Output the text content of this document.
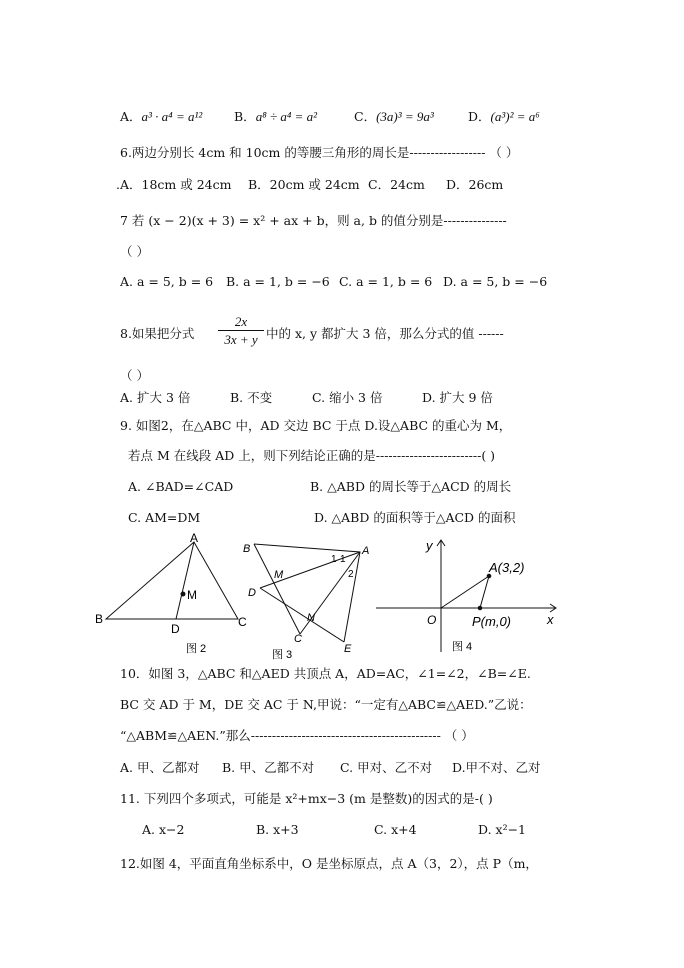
A．a³ · a⁴ = a¹²	B．a⁸ ÷ a⁴ = a²	C．(3a)³ = 9a³	D．(a³)² = a⁶
6.两边分别长 4cm 和 10cm 的等腰三角形的周长是------------------ （ ）
.A．18cm 或 24cm B．20cm 或 24cm C．24cm D．26cm
7 若 (x − 2)(x + 3) = x² + ax + b，则 a, b 的值分别是---------------
（ ）
A. a = 5, b = 6 B. a = 1, b = −6 C. a = 1, b = 6 D. a = 5, b = −6
8.如果把分式
2x
3x + y 中的 x, y 都扩大 3 倍，那么分式的值 ------
（ ）
A. 扩大 3 倍	B. 不变	C. 缩小 3 倍	D. 扩大 9 倍
9. 如图2，在△ABC 中，AD 交边 BC 于点 D.设△ABC 的重心为 M，
若点 M 在线段 AD 上，则下列结论正确的是-------------------------( )
A. ∠BAD=∠CAD	B. △ABD 的周长等于△ACD 的周长
C. AM=DM	D. △ABD 的面积等于△ACD 的面积
A
B	C
D
M
图 2
B	A
D
M
N
C
E
1 1
2
图 3
y
x
O
A(3,2)
P(m,0)
图 4
10．如图 3，△ABC 和△AED 共顶点 A，AD=AC，∠1=∠2，∠B=∠E.
BC 交 AD 于 M，DE 交 AC 于 N,甲说：“一定有△ABC≌△AED.”乙说：
“△ABM≌△AEN.”那么--------------------------------------------- （ ）
A. 甲、乙都对 B. 甲、乙都不对 C. 甲对、乙不对 D.甲不对、乙对
11. 下列四个多项式，可能是 x²+mx−3 (m 是整数)的因式的是-( )
A. x−2	B. x+3	C. x+4	D. x²−1
12.如图 4，平面直角坐标系中，O 是坐标原点，点 A（3，2），点 P（m，
